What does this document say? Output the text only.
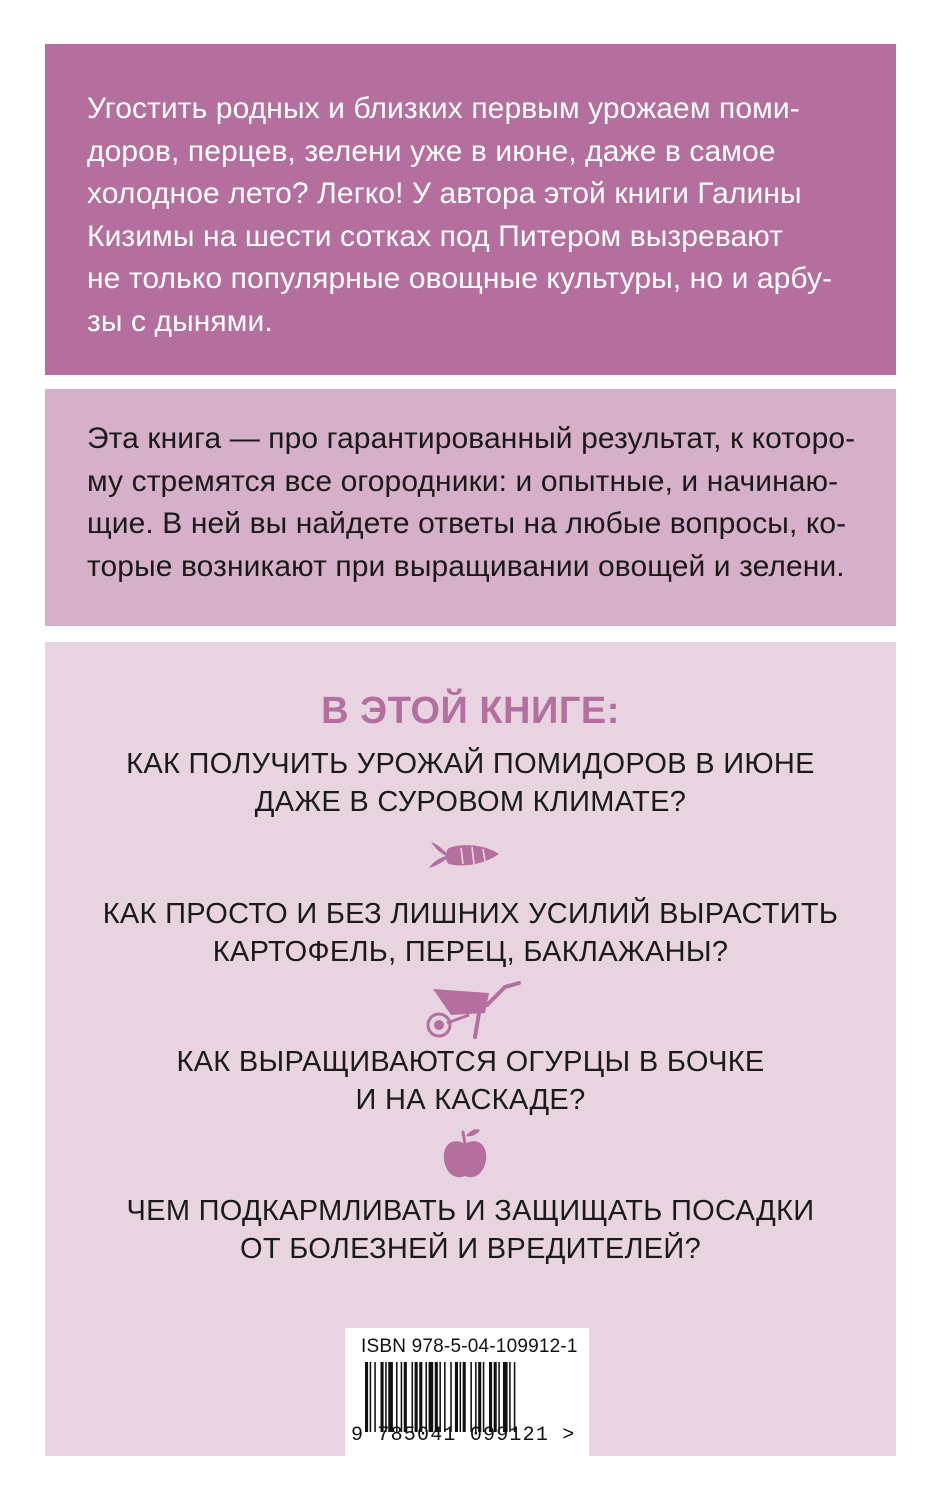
Угостить родных и близких первым урожаем поми-
доров, перцев, зелени уже в июне, даже в самое
холодное лето? Легко! У автора этой книги Галины
Кизимы на шести сотках под Питером вызревают
не только популярные овощные культуры, но и арбу-
зы с дынями.
Эта книга — про гарантированный результат, к которо-
му стремятся все огородники: и опытные, и начинаю-
щие. В ней вы найдете ответы на любые вопросы, ко-
торые возникают при выращивании овощей и зелени.
В ЭТОЙ КНИГЕ:
КАК ПОЛУЧИТЬ УРОЖАЙ ПОМИДОРОВ В ИЮНЕ
ДАЖЕ В СУРОВОМ КЛИМАТЕ?
КАК ПРОСТО И БЕЗ ЛИШНИХ УСИЛИЙ ВЫРАСТИТЬ
КАРТОФЕЛЬ, ПЕРЕЦ, БАКЛАЖАНЫ?
КАК ВЫРАЩИВАЮТСЯ ОГУРЦЫ В БОЧКЕ
И НА КАСКАДЕ?
ЧЕМ ПОДКАРМЛИВАТЬ И ЗАЩИЩАТЬ ПОСАДКИ
ОТ БОЛЕЗНЕЙ И ВРЕДИТЕЛЕЙ?
ISBN 978-5-04-109912-1
9 785041 099121 >
